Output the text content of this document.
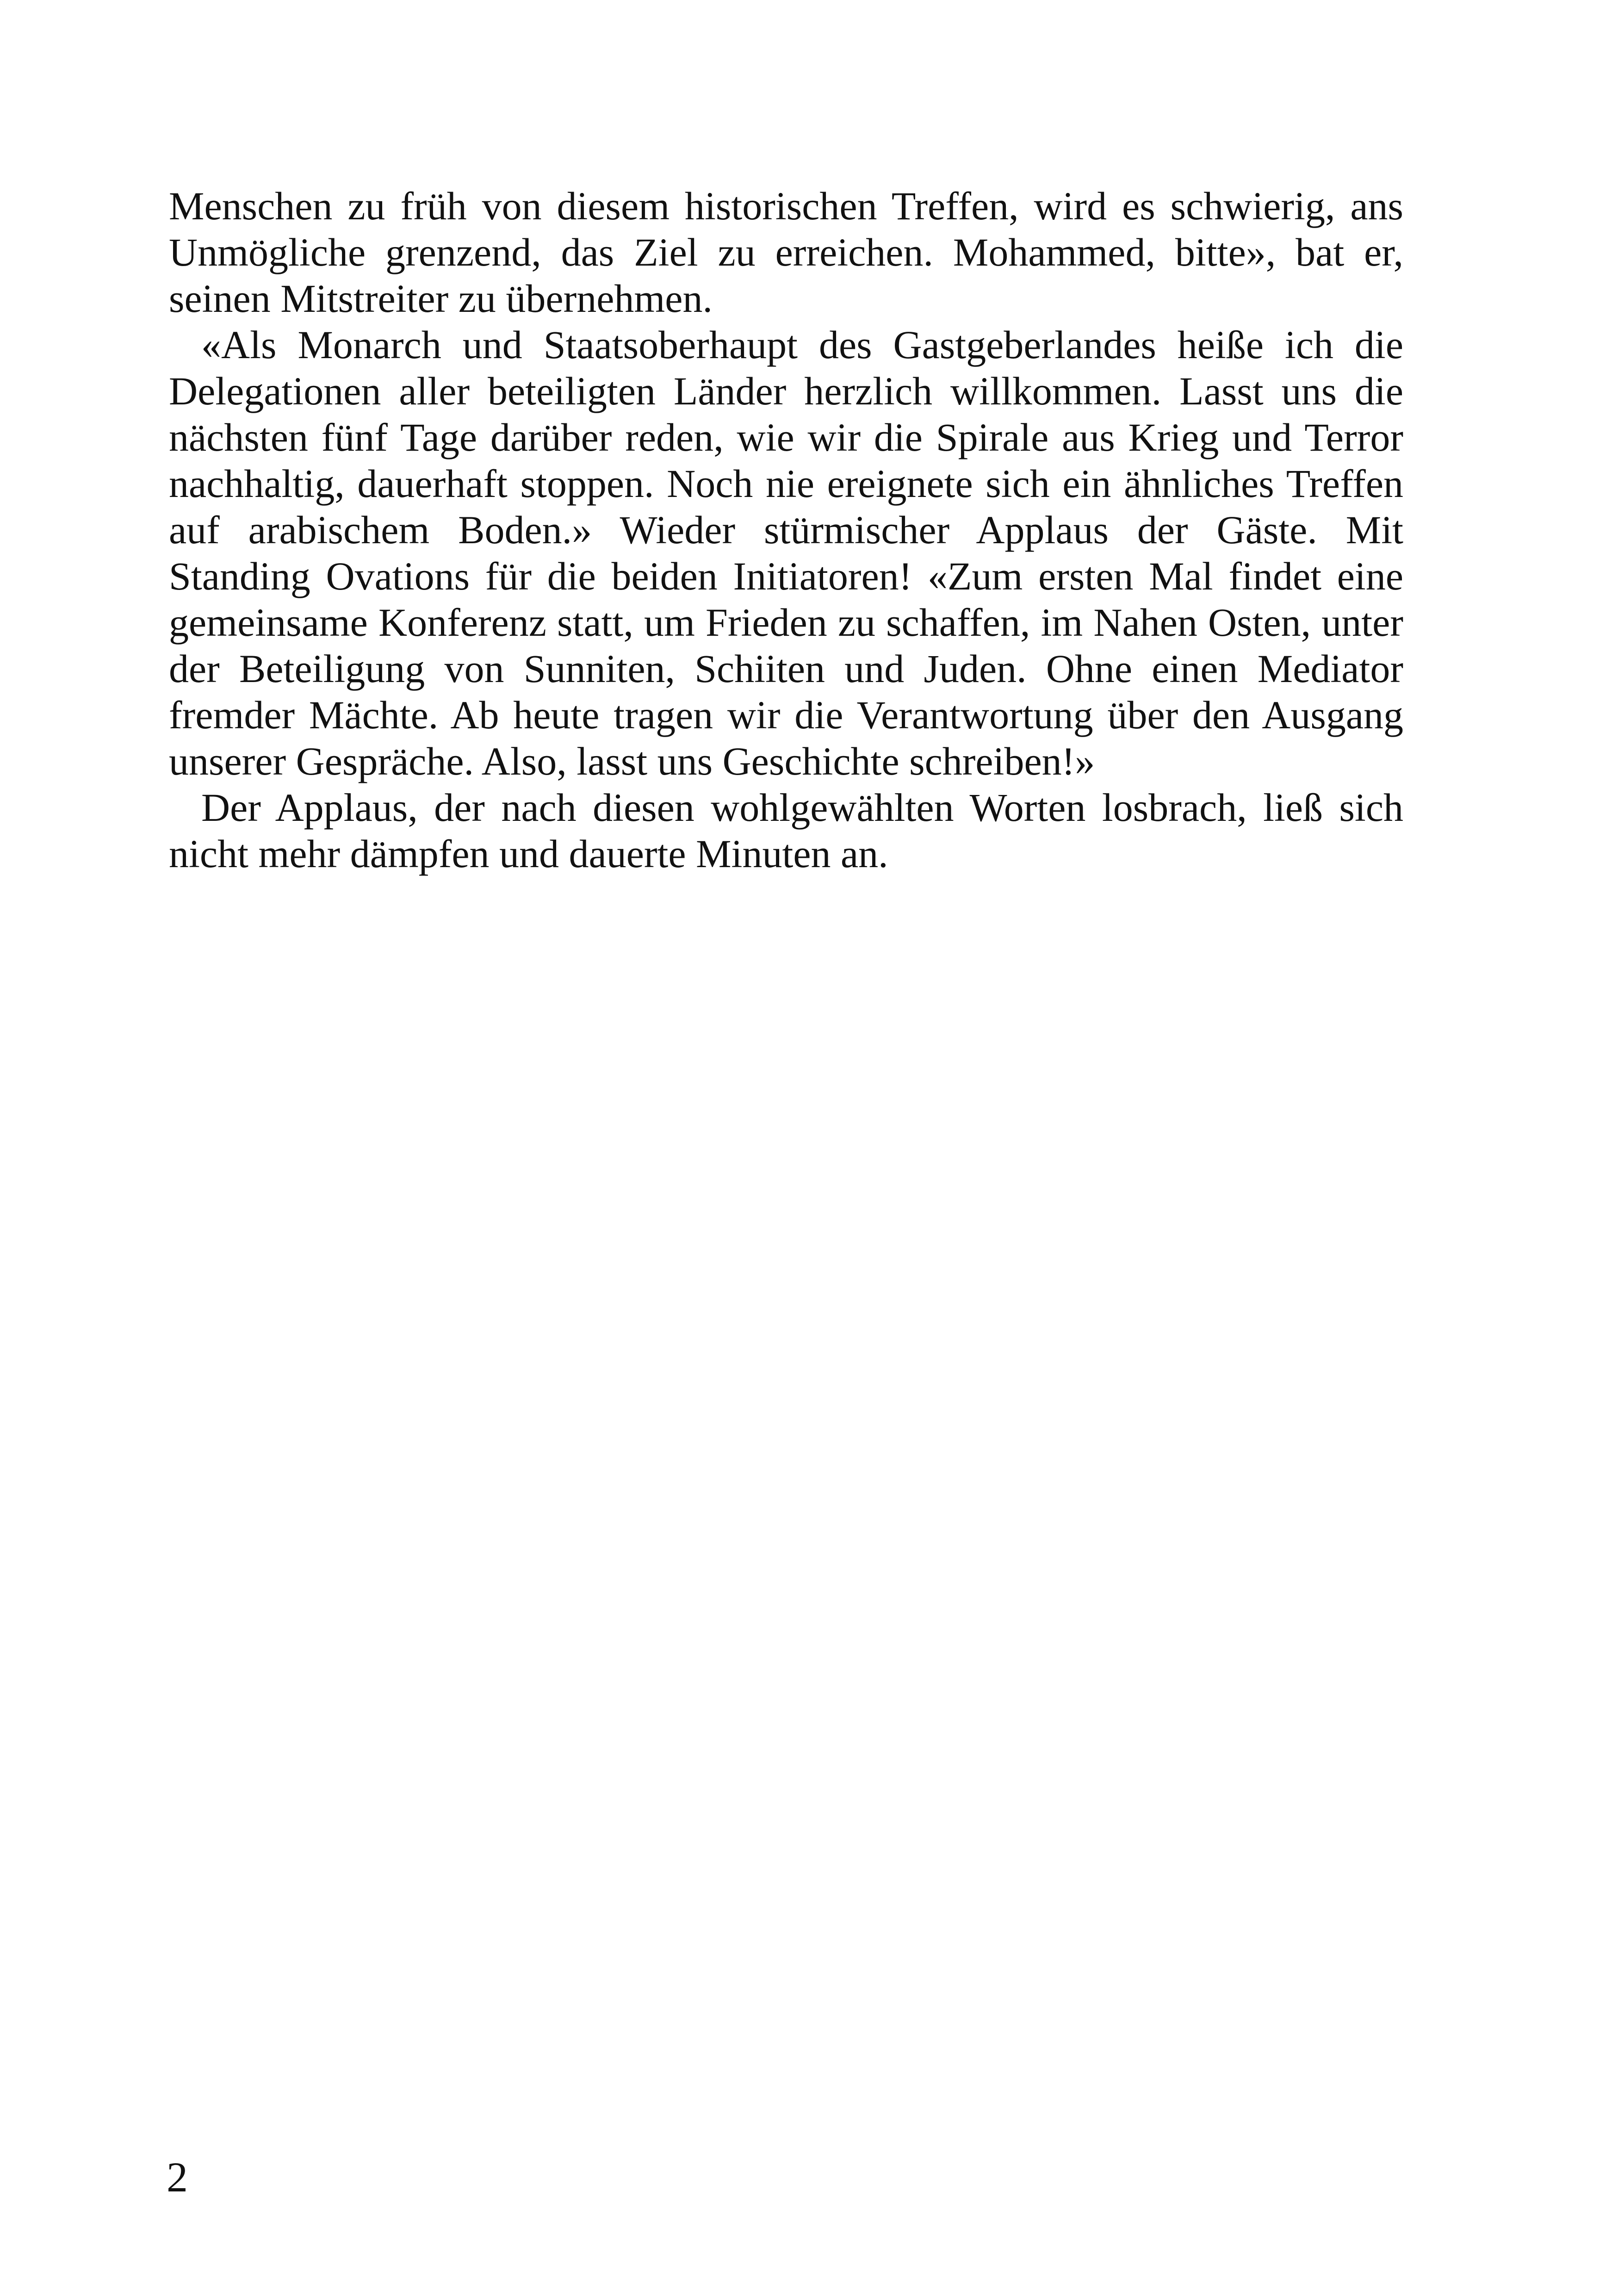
Menschen zu früh von diesem historischen Treffen, wird es schwierig, ans Unmögliche grenzend, das Ziel zu erreichen. Mohammed, bitte», bat er, seinen Mitstreiter zu übernehmen.

«Als Monarch und Staatsoberhaupt des Gastgeberlandes heiße ich die Delegationen aller beteiligten Länder herzlich willkommen. Lasst uns die nächsten fünf Tage darüber reden, wie wir die Spirale aus Krieg und Terror nachhaltig, dauerhaft stoppen. Noch nie ereignete sich ein ähnliches Treffen auf arabischem Boden.» Wieder stürmischer Applaus der Gäste. Mit Standing Ovations für die beiden Initiatoren! «Zum ersten Mal findet eine gemeinsame Konferenz statt, um Frieden zu schaffen, im Nahen Osten, unter der Beteiligung von Sunniten, Schiiten und Juden. Ohne einen Mediator fremder Mächte. Ab heute tragen wir die Verantwortung über den Ausgang unserer Gespräche. Also, lasst uns Geschichte schreiben!»

Der Applaus, der nach diesen wohlgewählten Worten losbrach, ließ sich nicht mehr dämpfen und dauerte Minuten an.

2
